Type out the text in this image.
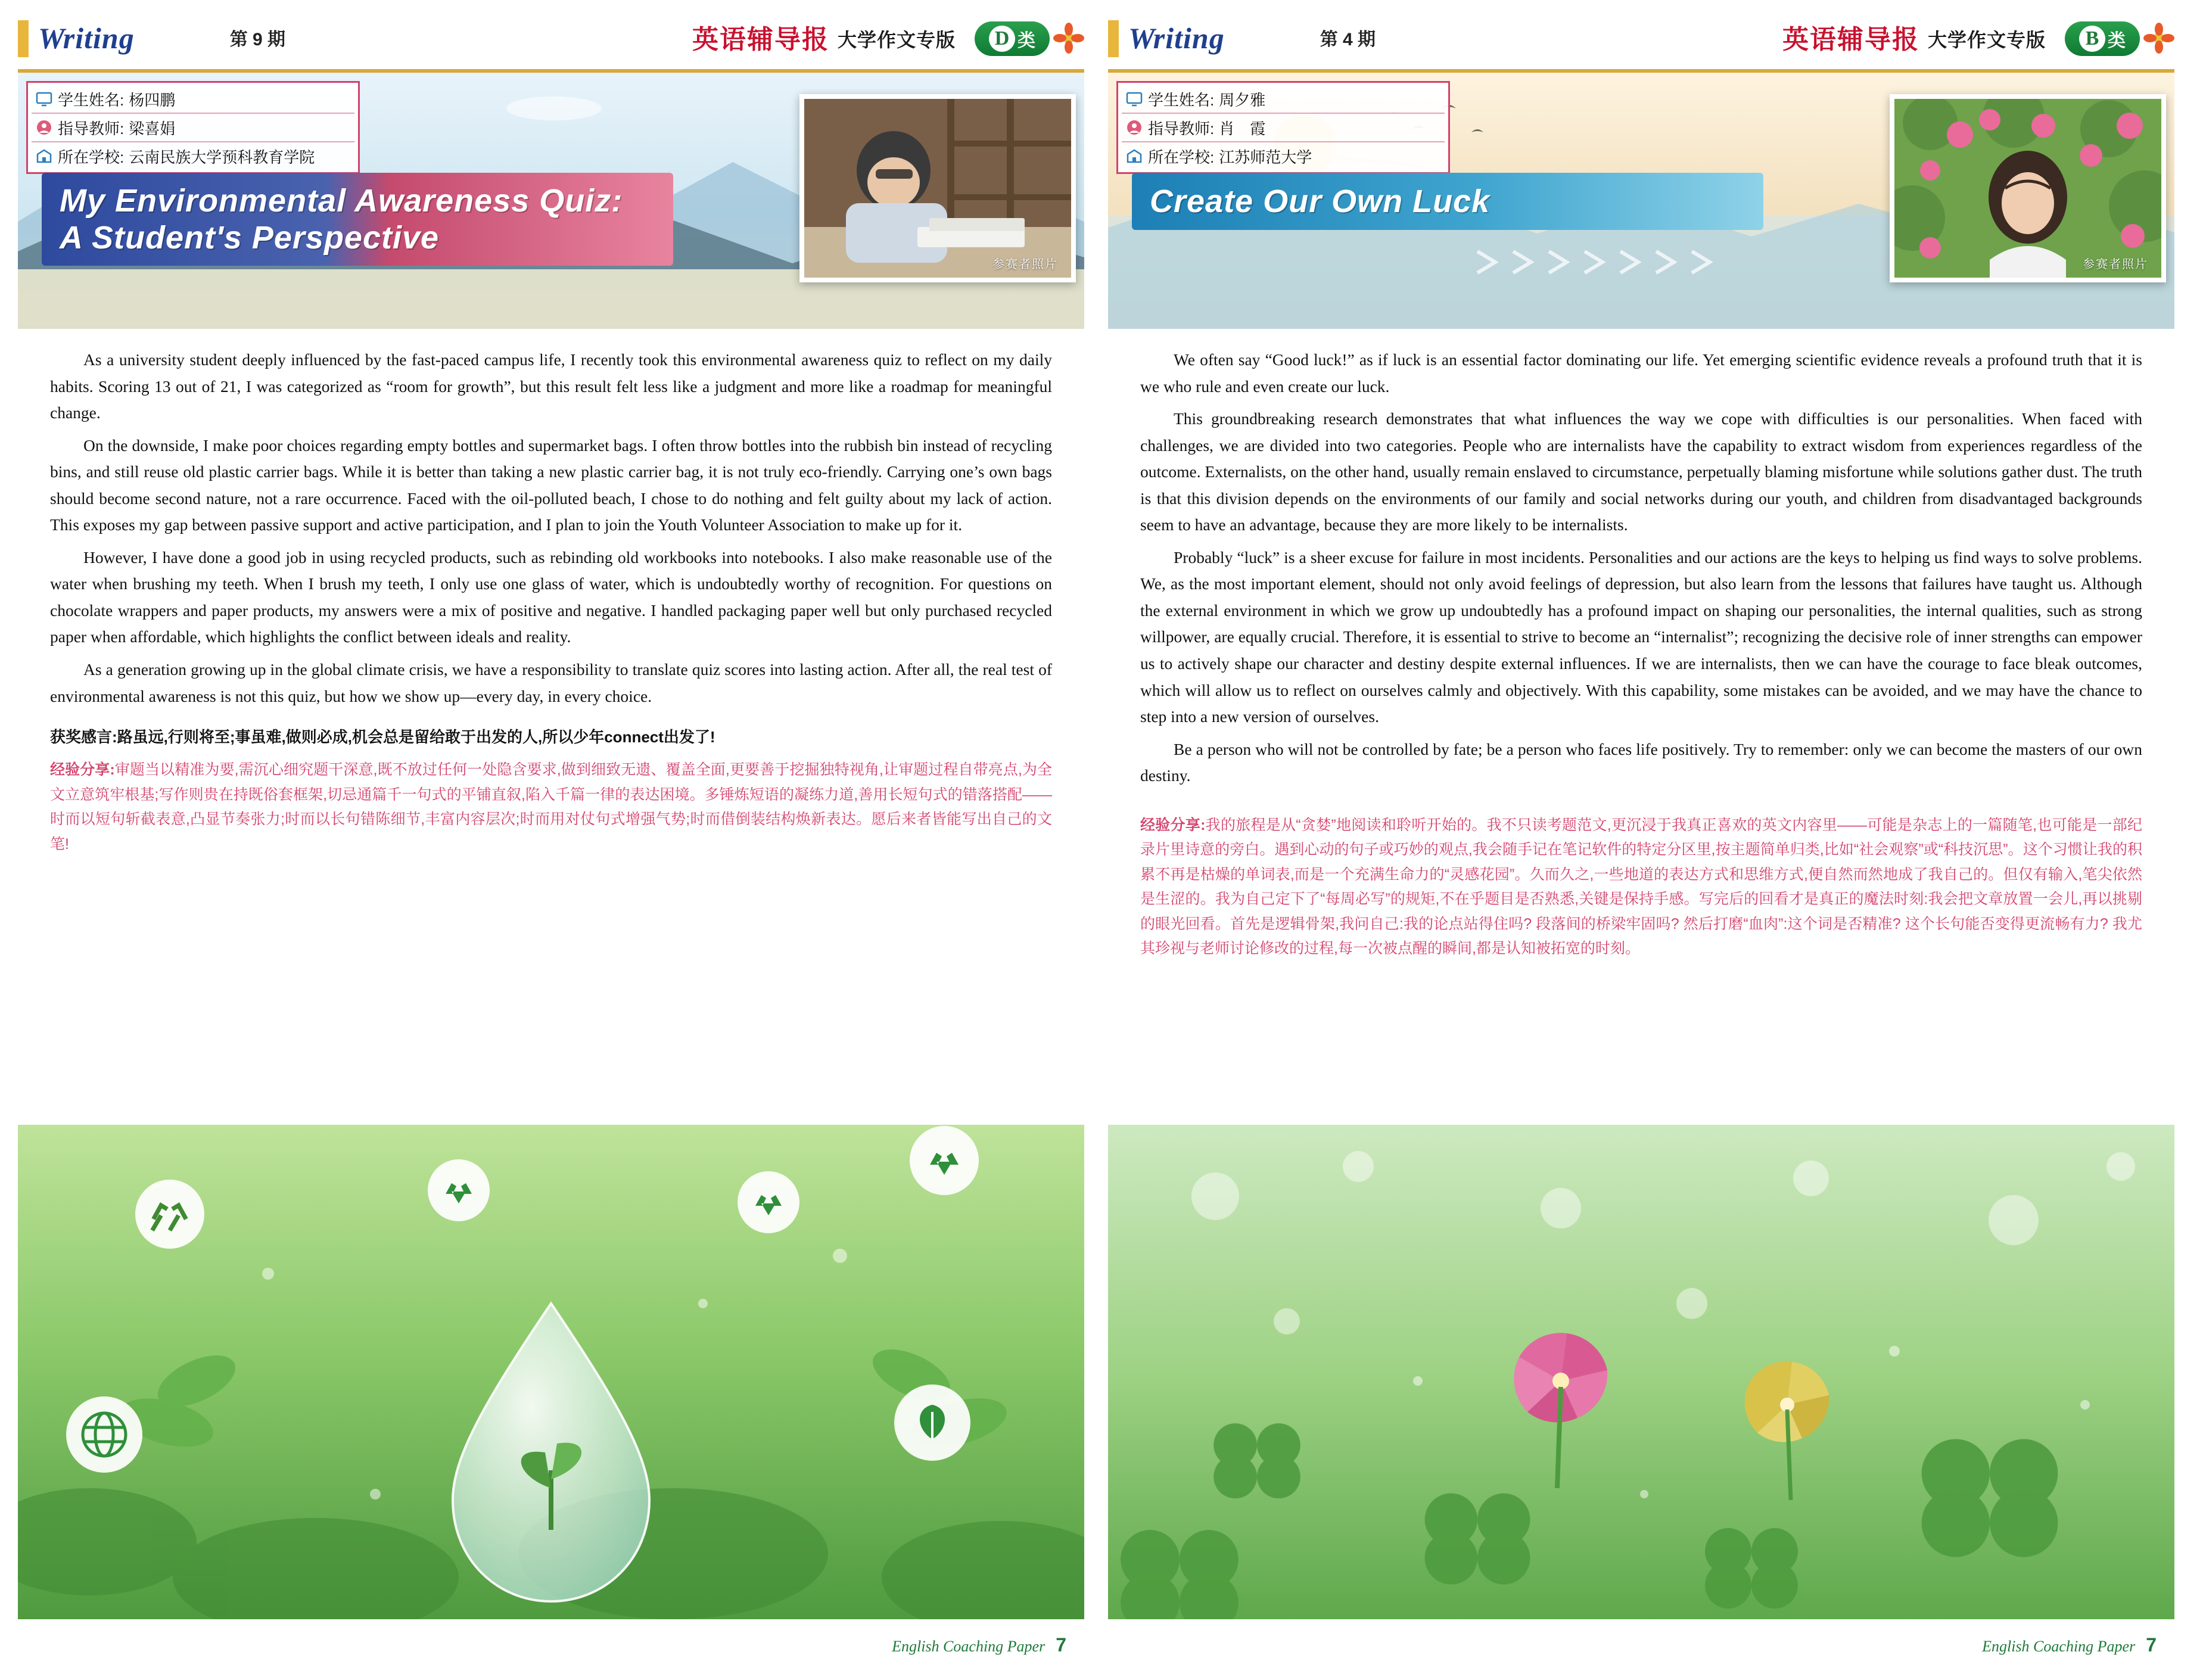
Writing	第 9 期	英语辅导报 大学作文专版 D 类
学生姓名: 杨四鹏
指导教师: 梁喜娟
所在学校: 云南民族大学预科教育学院
My Environmental Awareness Quiz:
A Student's Perspective
参赛者照片

As a university student deeply influenced by the fast-paced campus life, I recently took this environmental awareness quiz to reflect on my daily habits. Scoring 13 out of 21, I was categorized as “room for growth”, but this result felt less like a judgment and more like a roadmap for meaningful change.

On the downside, I make poor choices regarding empty bottles and supermarket bags. I often throw bottles into the rubbish bin instead of recycling bins, and still reuse old plastic carrier bags. While it is better than taking a new plastic carrier bag, it is not truly eco-friendly. Carrying one’s own bags should become second nature, not a rare occurrence. Faced with the oil-polluted beach, I chose to do nothing and felt guilty about my lack of action. This exposes my gap between passive support and active participation, and I plan to join the Youth Volunteer Association to make up for it.

However, I have done a good job in using recycled products, such as rebinding old workbooks into notebooks. I also make reasonable use of the water when brushing my teeth. When I brush my teeth, I only use one glass of water, which is undoubtedly worthy of recognition. For questions on chocolate wrappers and paper products, my answers were a mix of positive and negative. I handled packaging paper well but only purchased recycled paper when affordable, which highlights the conflict between ideals and reality.

As a generation growing up in the global climate crisis, we have a responsibility to translate quiz scores into lasting action. After all, the real test of environmental awareness is not this quiz, but how we show up—every day, in every choice.

获奖感言:路虽远,行则将至;事虽难,做则必成,机会总是留给敢于出发的人,所以少年connect出发了!
经验分享:审题当以精准为要,需沉心细究题干深意,既不放过任何一处隐含要求,做到细致无遗、覆盖全面,更要善于挖掘独特视角,让审题过程自带亮点,为全文立意筑牢根基;写作则贵在持既俗套框架,切忌通篇千一句式的平铺直叙,陷入千篇一律的表达困境。多锤炼短语的凝练力道,善用长短句式的错落搭配——时而以短句斩截表意,凸显节奏张力;时而以长句错陈细节,丰富内容层次;时而用对仗句式增强气势;时而借倒装结构焕新表达。愿后来者皆能写出自己的文笔!
English Coaching Paper 7
Writing	第 4 期	英语辅导报 大学作文专版	B 类
学生姓名: 周夕雅
指导教师: 肖　霞
所在学校: 江苏师范大学
Create Our Own Luck
参赛者照片

We often say “Good luck!” as if luck is an essential factor dominating our life. Yet emerging scientific evidence reveals a profound truth that it is we who rule and even create our luck.

This groundbreaking research demonstrates that what influences the way we cope with difficulties is our personalities. When faced with challenges, we are divided into two categories. People who are internalists have the capability to extract wisdom from experiences regardless of the outcome. Externalists, on the other hand, usually remain enslaved to circumstance, perpetually blaming misfortune while solutions gather dust. The truth is that this division depends on the environments of our family and social networks during our youth, and children from disadvantaged backgrounds seem to have an advantage, because they are more likely to be internalists.

Probably “luck” is a sheer excuse for failure in most incidents. Personalities and our actions are the keys to helping us find ways to solve problems. We, as the most important element, should not only avoid feelings of depression, but also learn from the lessons that failures have taught us. Although the external environment in which we grow up undoubtedly has a profound impact on shaping our personalities, the internal qualities, such as strong willpower, are equally crucial. Therefore, it is essential to strive to become an “internalist”; recognizing the decisive role of inner strengths can empower us to actively shape our character and destiny despite external influences. If we are internalists, then we can have the courage to face bleak outcomes, which will allow us to reflect on ourselves calmly and objectively. With this capability, some mistakes can be avoided, and we may have the chance to step into a new version of ourselves.

Be a person who will not be controlled by fate; be a person who faces life positively. Try to remember: only we can become the masters of our own destiny.

经验分享:我的旅程是从“贪婪”地阅读和聆听开始的。我不只读考题范文,更沉浸于我真正喜欢的英文内容里——可能是杂志上的一篇随笔,也可能是一部纪录片里诗意的旁白。遇到心动的句子或巧妙的观点,我会随手记在笔记软件的特定分区里,按主题简单归类,比如“社会观察”或“科技沉思”。这个习惯让我的积累不再是枯燥的单词表,而是一个充满生命力的“灵感花园”。久而久之,一些地道的表达方式和思维方式,便自然而然地成了我自己的。但仅有输入,笔尖依然是生涩的。我为自己定下了“每周必写”的规矩,不在乎题目是否熟悉,关键是保持手感。写完后的回看才是真正的魔法时刻:我会把文章放置一会儿,再以挑剔的眼光回看。首先是逻辑骨架,我问自己:我的论点站得住吗? 段落间的桥梁牢固吗? 然后打磨“血肉”:这个词是否精准? 这个长句能否变得更流畅有力? 我尤其珍视与老师讨论修改的过程,每一次被点醒的瞬间,都是认知被拓宽的时刻。
English Coaching Paper 7
